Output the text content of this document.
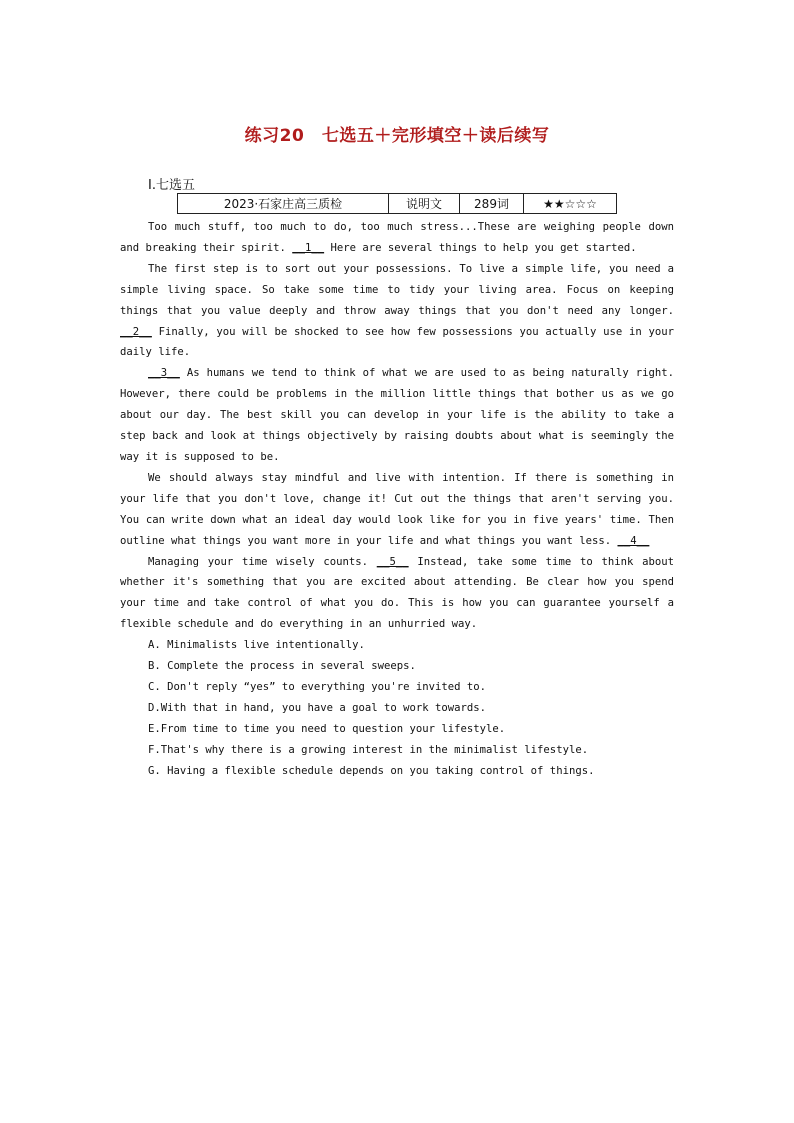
练习20　七选五＋完形填空＋读后续写
Ⅰ.七选五
2023·石家庄高三质检	说明文	289词	★★☆☆☆

Too much stuff, too much to do, too much stress...These are weighing people down and breaking their spirit. __1__ Here are several things to help you get started.

The first step is to sort out your possessions. To live a simple life, you need a simple living space. So take some time to tidy your living area. Focus on keeping things that you value deeply and throw away things that you don't need any longer. __2__ Finally, you will be shocked to see how few possessions you actually use in your daily life.

__3__ As humans we tend to think of what we are used to as being naturally right. However, there could be problems in the million little things that bother us as we go about our day. The best skill you can develop in your life is the ability to take a step back and look at things objectively by raising doubts about what is seemingly the way it is supposed to be.

We should always stay mindful and live with intention. If there is something in your life that you don't love, change it! Cut out the things that aren't serving you. You can write down what an ideal day would look like for you in five years' time. Then outline what things you want more in your life and what things you want less. __4__

Managing your time wisely counts. __5__ Instead, take some time to think about whether it's something that you are excited about attending. Be clear how you spend your time and take control of what you do. This is how you can guarantee yourself a flexible schedule and do everything in an unhurried way.

A. Minimalists live intentionally.
B. Complete the process in several sweeps.
C. Don't reply “yes” to everything you're invited to.
D.With that in hand, you have a goal to work towards.
E.From time to time you need to question your lifestyle.
F.That's why there is a growing interest in the minimalist lifestyle.
G. Having a flexible schedule depends on you taking control of things.
